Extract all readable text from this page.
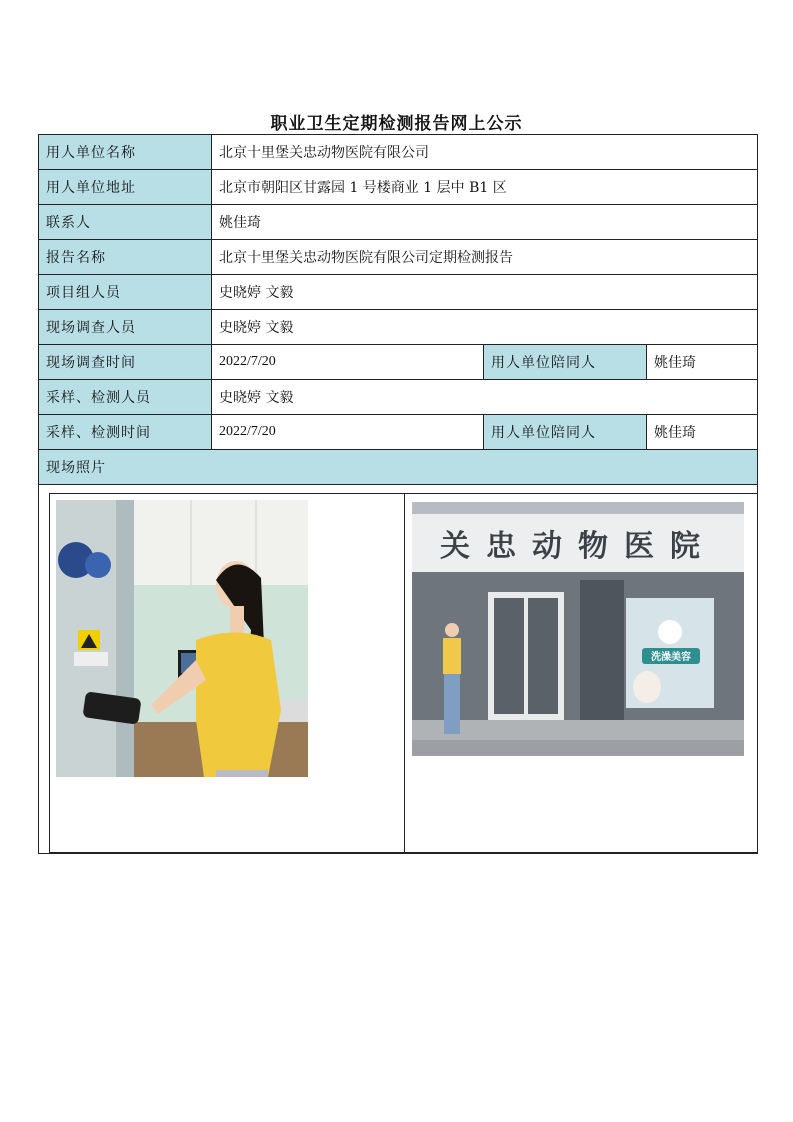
职业卫生定期检测报告网上公示
用人单位名称	北京十里堡关忠动物医院有限公司
用人单位地址	北京市朝阳区甘露园 1 号楼商业 1 层中 B1 区
联系人	姚佳琦
报告名称	北京十里堡关忠动物医院有限公司定期检测报告
项目组人员	史晓婷 文毅
现场调查人员	史晓婷 文毅
现场调查时间	2022/7/20	用人单位陪同人	姚佳琦
采样、检测人员	史晓婷 文毅
采样、检测时间	2022/7/20	用人单位陪同人	姚佳琦
现场照片

关忠动物医院
洗澡美容
